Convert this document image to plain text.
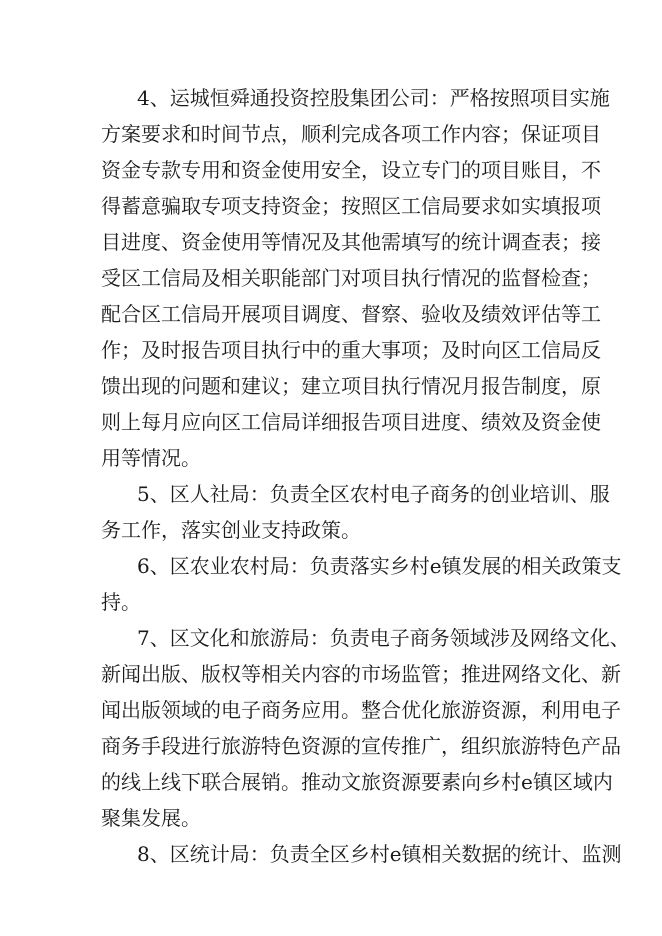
4、运城恒舜通投资控股集团公司：严格按照项目实施
方案要求和时间节点，顺利完成各项工作内容；保证项目
资金专款专用和资金使用安全，设立专门的项目账目，不
得蓄意骗取专项支持资金；按照区工信局要求如实填报项
目进度、资金使用等情况及其他需填写的统计调查表；接
受区工信局及相关职能部门对项目执行情况的监督检查；
配合区工信局开展项目调度、督察、验收及绩效评估等工
作；及时报告项目执行中的重大事项；及时向区工信局反
馈出现的问题和建议；建立项目执行情况月报告制度，原
则上每月应向区工信局详细报告项目进度、绩效及资金使
用等情况。
5、区人社局：负责全区农村电子商务的创业培训、服
务工作，落实创业支持政策。
6、区农业农村局：负责落实乡村e镇发展的相关政策支
持。
7、区文化和旅游局：负责电子商务领域涉及网络文化、
新闻出版、版权等相关内容的市场监管；推进网络文化、新
闻出版领域的电子商务应用。整合优化旅游资源，利用电子
商务手段进行旅游特色资源的宣传推广，组织旅游特色产品
的线上线下联合展销。推动文旅资源要素向乡村e镇区域内
聚集发展。
8、区统计局：负责全区乡村e镇相关数据的统计、监测
